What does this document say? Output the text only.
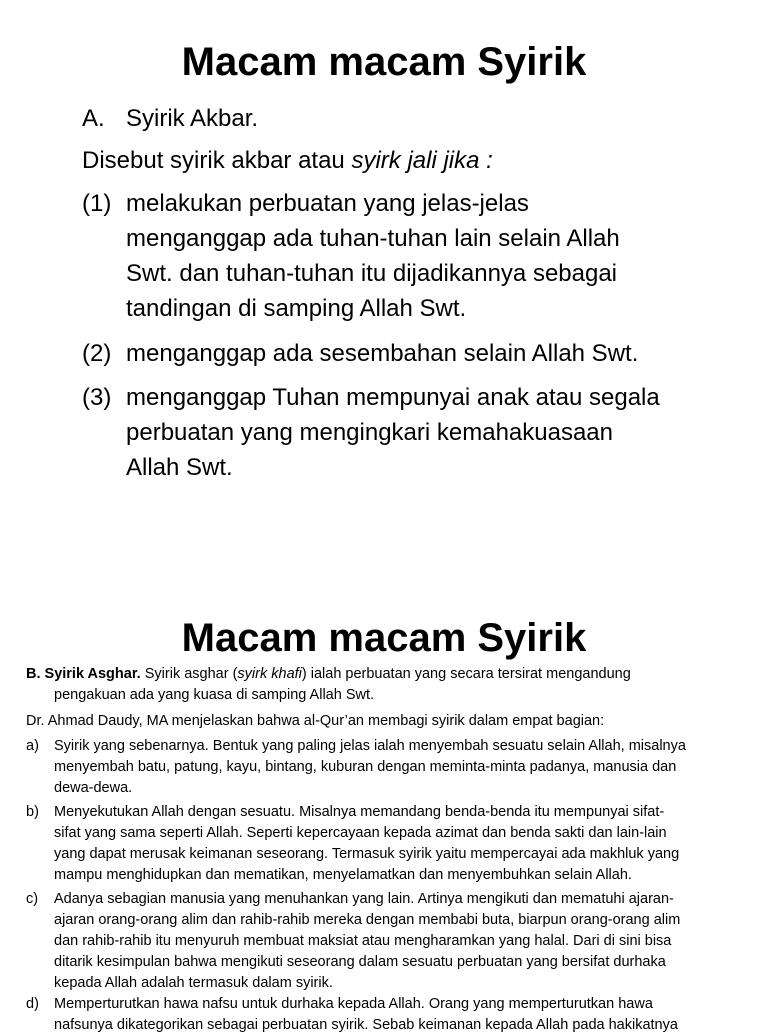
Macam macam Syirik
A. Syirik Akbar.
Disebut syirik akbar atau syirk jali jika :
(1) melakukan perbuatan yang jelas-jelas
menganggap ada tuhan-tuhan lain selain Allah
Swt. dan tuhan-tuhan itu dijadikannya sebagai
tandingan di samping Allah Swt.
(2) menganggap ada sesembahan selain Allah Swt.
(3) menganggap Tuhan mempunyai anak atau segala
perbuatan yang mengingkari kemahakuasaan
Allah Swt.
Macam macam Syirik
B. Syirik Asghar. Syirik asghar (syirk khafi) ialah perbuatan yang secara tersirat mengandung
pengakuan ada yang kuasa di samping Allah Swt.
Dr. Ahmad Daudy, MA menjelaskan bahwa al-Qur’an membagi syirik dalam empat bagian:
a) Syirik yang sebenarnya. Bentuk yang paling jelas ialah menyembah sesuatu selain Allah, misalnya
menyembah batu, patung, kayu, bintang, kuburan dengan meminta-minta padanya, manusia dan
dewa-dewa.
b) Menyekutukan Allah dengan sesuatu. Misalnya memandang benda-benda itu mempunyai sifat-
sifat yang sama seperti Allah. Seperti kepercayaan kepada azimat dan benda sakti dan lain-lain
yang dapat merusak keimanan seseorang. Termasuk syirik yaitu mempercayai ada makhluk yang
mampu menghidupkan dan mematikan, menyelamatkan dan menyembuhkan selain Allah.
c) Adanya sebagian manusia yang menuhankan yang lain. Artinya mengikuti dan mematuhi ajaran-
ajaran orang-orang alim dan rahib-rahib mereka dengan membabi buta, biarpun orang-orang alim
dan rahib-rahib itu menyuruh membuat maksiat atau mengharamkan yang halal. Dari di sini bisa
ditarik kesimpulan bahwa mengikuti seseorang dalam sesuatu perbuatan yang bersifat durhaka
kepada Allah adalah termasuk dalam syirik.
d) Memperturutkan hawa nafsu untuk durhaka kepada Allah. Orang yang memperturutkan hawa
nafsunya dikategorikan sebagai perbuatan syirik. Sebab keimanan kepada Allah pada hakikatnya
